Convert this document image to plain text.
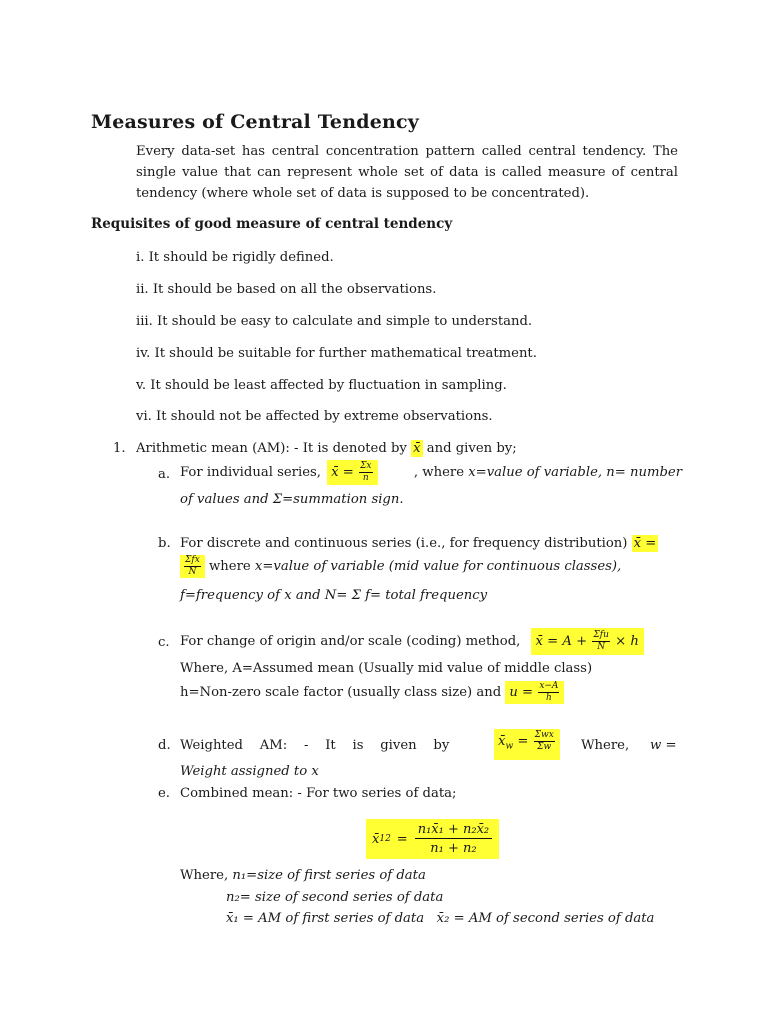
Measures of Central Tendency
Every data-set has central concentration pattern called central tendency. The single value that can represent whole set of data is called measure of central tendency (where whole set of data is supposed to be concentrated).
Requisites of good measure of central tendency
i. It should be rigidly defined.
ii. It should be based on all the observations.
iii. It should be easy to calculate and simple to understand.
iv. It should be suitable for further mathematical treatment.
v. It should be least affected by fluctuation in sampling.
vi. It should not be affected by extreme observations.
1. Arithmetic mean (AM): - It is denoted by x̄ and given by;
a. For individual series, x̄ = $\frac{\Sigma x}{n}$	, where x=value of variable, n= number
of values and Σ=summation sign.
b. For discrete and continuous series (i.e., for frequency distribution) x̄ =
$\frac{\text{Σfx}}{N}$ where x=value of variable (mid value for continuous classes),
f=frequency of x and N= Σ f= total frequency
c. For change of origin and/or scale (coding) method, x̄ = $A + \frac{\text{Σfu}}{N} \times h$
Where, A=Assumed mean (Usually mid value of middle class)
h=Non-zero scale factor (usually class size) and $u = \frac{x-A}{h}$
d. Weighted    AM:    -    It    is    given    by	$x̄_w = \frac{\text{Σwx}}{\Sigma w}$ Where, w =
Weight assigned to x
e. Combined mean: - For two series of data;
x̄ $12 = \frac{\text{n₁x̄₁ + n₂x̄₂}}{\text{n₁ + n₂}}$
Where, n₁=size of first series of data
n₂= size of second series of data
x̄₁ = AM of first series of data   x̄₂ = AM of second series of data
